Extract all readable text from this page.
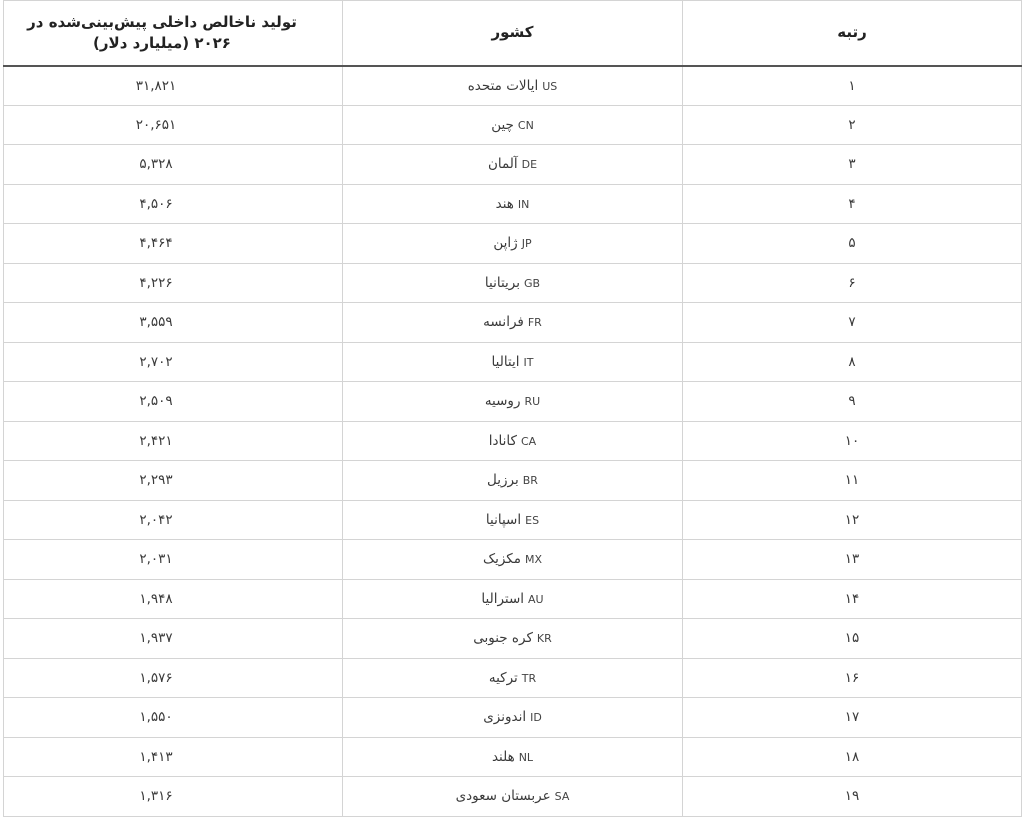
رتبه	کشور	تولید ناخالص داخلی پیش‌بینی‌شده در ۲۰۲۶ (میلیارد دلار)
۱	USایالات متحده	۳۱,۸۲۱
۲	CNچین	۲۰,۶۵۱
۳	DEآلمان	۵,۳۲۸
۴	INهند	۴,۵۰۶
۵	JPژاپن	۴,۴۶۴
۶	GBبریتانیا	۴,۲۲۶
۷	FRفرانسه	۳,۵۵۹
۸	ITایتالیا	۲,۷۰۲
۹	RUروسیه	۲,۵۰۹
۱۰	CAکانادا	۲,۴۲۱
۱۱	BRبرزیل	۲,۲۹۳
۱۲	ESاسپانیا	۲,۰۴۲
۱۳	MXمکزیک	۲,۰۳۱
۱۴	AUاسترالیا	۱,۹۴۸
۱۵	KRکره جنوبی	۱,۹۳۷
۱۶	TRترکیه	۱,۵۷۶
۱۷	IDاندونزی	۱,۵۵۰
۱۸	NLهلند	۱,۴۱۳
۱۹	SAعربستان سعودی	۱,۳۱۶
